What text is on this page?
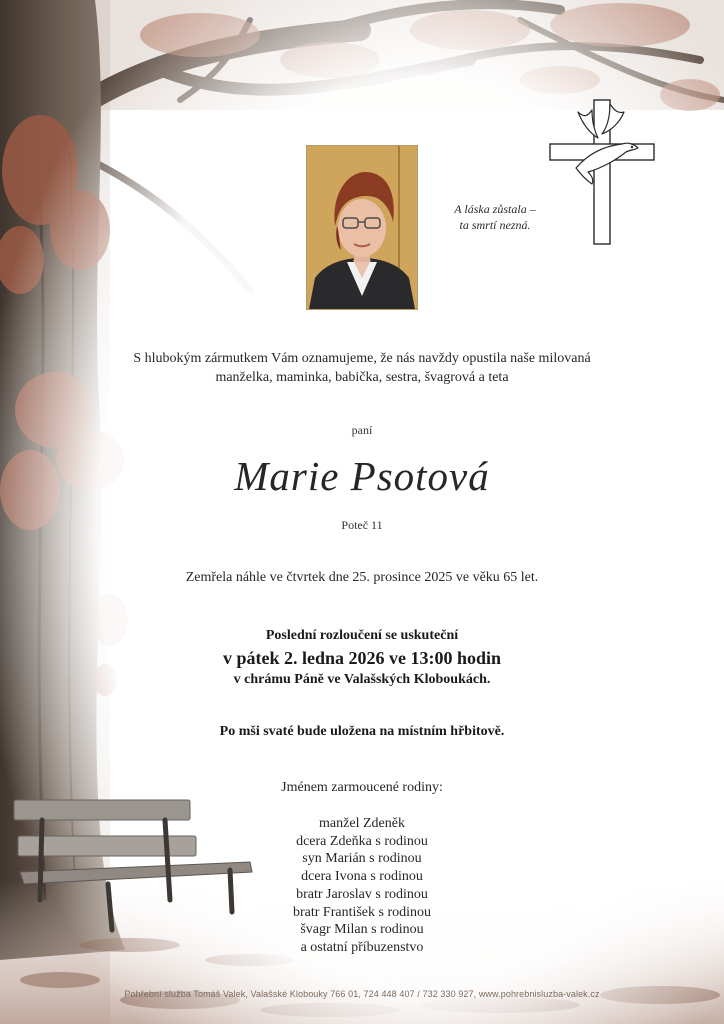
A láska zůstala –
ta smrtí nezná.
S hlubokým zármutkem Vám oznamujeme, že nás navždy opustila naše milovaná
manželka, maminka, babička, sestra, švagrová a teta
paní
Marie Psotová
Poteč 11
Zemřela náhle ve čtvrtek dne 25. prosince 2025 ve věku 65 let.
Poslední rozloučení se uskuteční
v pátek 2. ledna 2026 ve 13:00 hodin
v chrámu Páně ve Valašských Kloboukách.
Po mši svaté bude uložena na místním hřbitově.
Jménem zarmoucené rodiny:
manžel Zdeněk
dcera Zdeňka s rodinou
syn Marián s rodinou
dcera Ivona s rodinou
bratr Jaroslav s rodinou
bratr František s rodinou
švagr Milan s rodinou
a ostatní příbuzenstvo
Pohřební služba Tomáš Valek, Valašské Klobouky 766 01, 724 448 407 / 732 330 927, www.pohrebnisluzba-valek.cz
